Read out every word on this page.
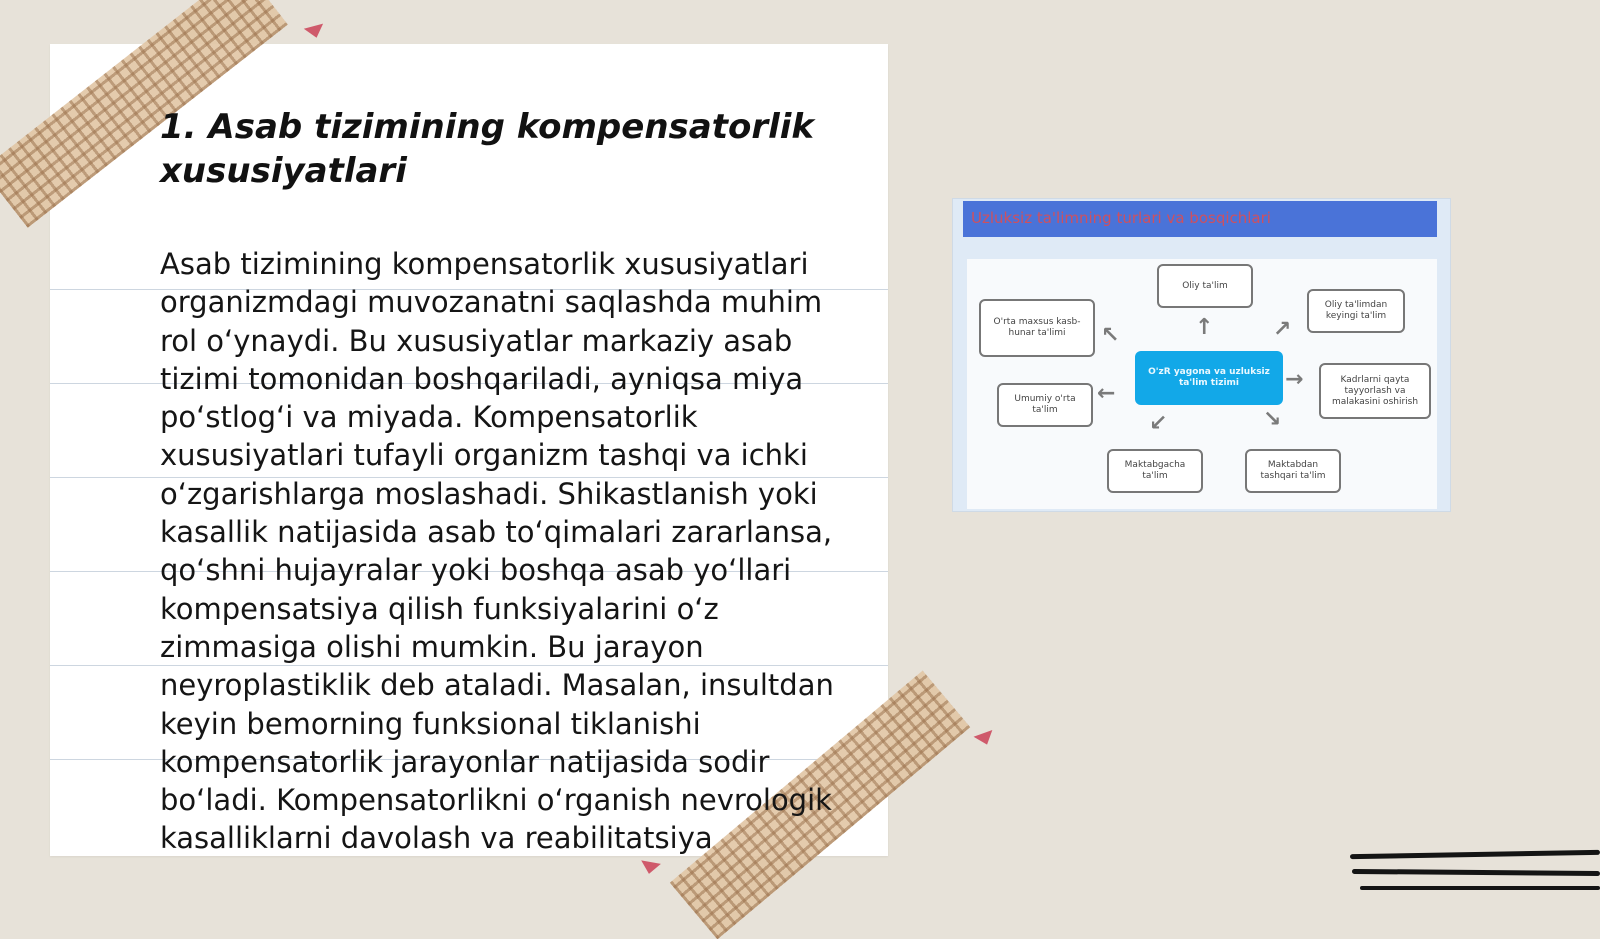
1. Asab tizimining kompensatorlik xususiyatlari

Asab tizimining kompensatorlik xususiyatlari organizmdagi muvozanatni saqlashda muhim rol oʻynaydi. Bu xususiyatlar markaziy asab tizimi tomonidan boshqariladi, ayniqsa miya poʻstlogʻi va miyada. Kompensatorlik xususiyatlari tufayli organizm tashqi va ichki oʻzgarishlarga moslashadi. Shikastlanish yoki kasallik natijasida asab toʻqimalari zararlansa, qoʻshni hujayralar yoki boshqa asab yoʻllari kompensatsiya qilish funksiyalarini oʻz zimmasiga olishi mumkin. Bu jarayon neyroplastiklik deb ataladi. Masalan, insultdan keyin bemorning funksional tiklanishi kompensatorlik jarayonlar natijasida sodir boʻladi. Kompensatorlikni oʻrganish nevrologik kasalliklarni davolash va reabilitatsiya

Uzluksiz ta'limning turlari va bosqichlari
Oliy ta'lim
Oliy ta'limdan keyingi ta'lim
Kadrlarni qayta tayyorlash va malakasini oshirish
Maktabdan tashqari ta'lim
Maktabgacha ta'lim
Umumiy o'rta ta'lim
O'rta maxsus kasb-hunar ta'limi
O'zR yagona va uzluksiz ta'lim tizimi
↑	↗
→
↘
↙
←
↖
